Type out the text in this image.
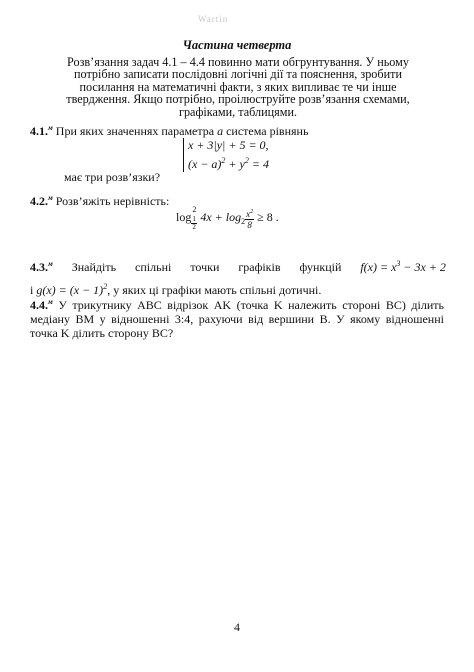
Wartin
Частина четверта
Розв’язання задач 4.1 – 4.4 повинно мати обгрунтування. У ньому потрібно записати послідовні логічні дії та пояснення, зробити посилання на математичні факти, з яких випливає те чи інше твердження. Якщо потрібно, проілюструйте розв’язання схемами, графіками, таблицями.
4.1.$^м$ При яких значеннях параметра a система рівнянь
x + 3|y| + 5 = 0,
$(x - a)^2 + y^2 = 4$
має три розв’язки?
4.2.$^м$ Розв’яжіть нерівність:
log
2
$\frac{1}{2} 4x + \log_2 \frac{x^2}{8} \ge 8$ .
4.3.$^м$ Знайдіть спільні точки графіків функцій $f(x) = x^3 - 3x + 2$
і $g(x) = (x - 1)^2$, у яких ці графіки мають спільні дотичні.
4.4.$^м$ У трикутнику ABC відрізок AK (точка K належить стороні BC) ділить медіану BM у відношенні 3:4, рахуючи від вершини B. У якому відношенні точка K ділить сторону BC?
4
